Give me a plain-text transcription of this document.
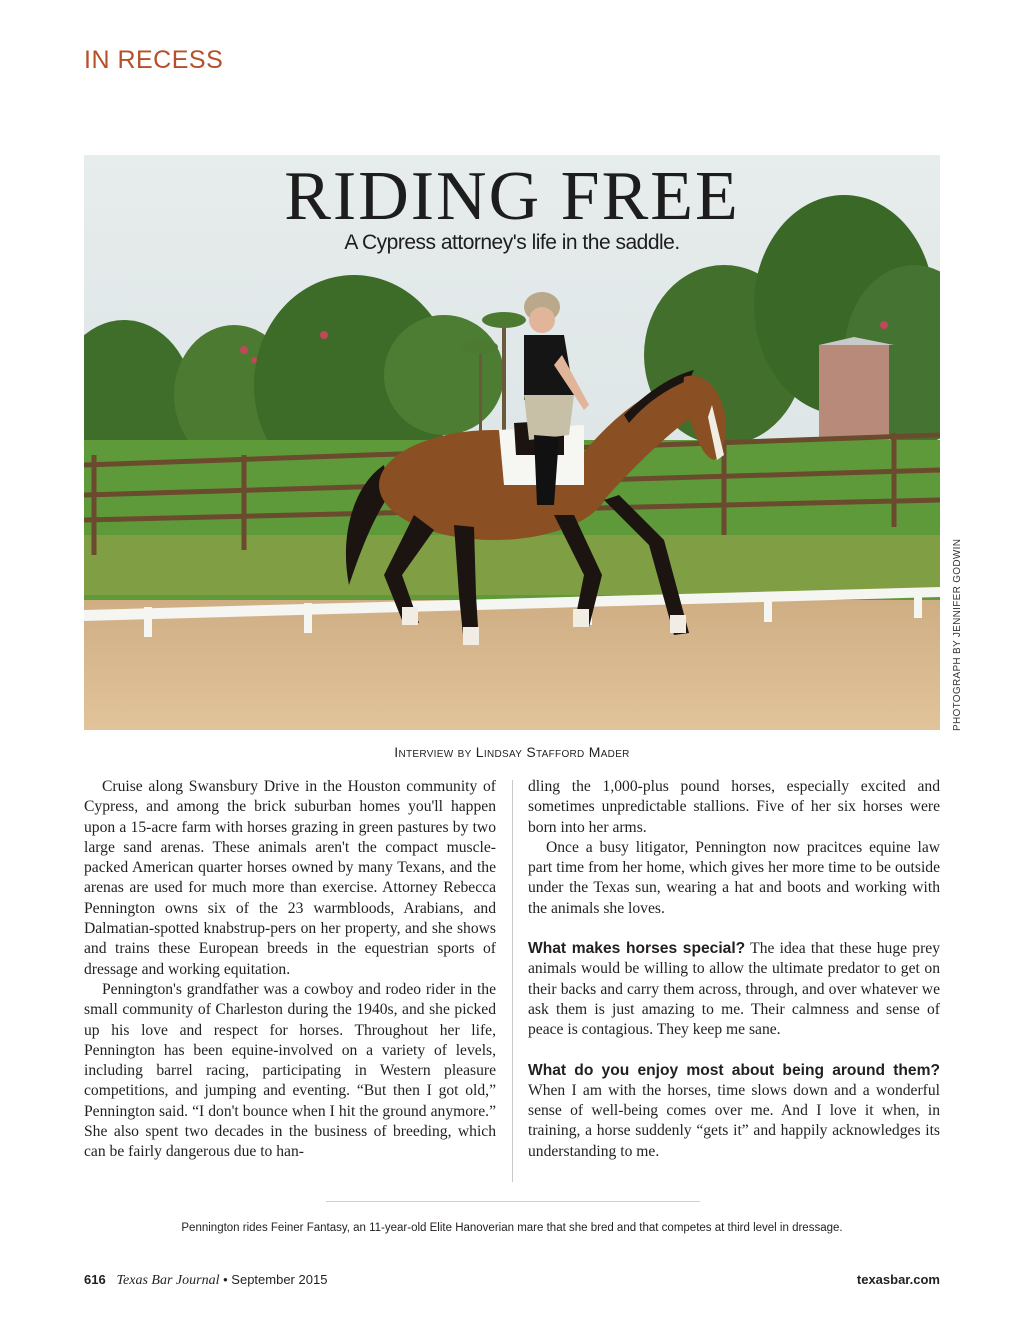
IN RECESS
RIDING FREE
A Cypress attorney's life in the saddle.
PHOTOGRAPH BY JENNIFER GODWIN
Interview by Lindsay Stafford Mader

Cruise along Swansbury Drive in the Houston community of Cypress, and among the brick suburban homes you'll happen upon a 15-acre farm with horses grazing in green pastures by two large sand arenas. These animals aren't the compact muscle-packed American quarter horses owned by many Texans, and the arenas are used for much more than exercise. Attorney Rebecca Pennington owns six of the 23 warmbloods, Arabians, and Dalmatian-spotted knabstrup-pers on her property, and she shows and trains these European breeds in the equestrian sports of dressage and working equitation.

Pennington's grandfather was a cowboy and rodeo rider in the small community of Charleston during the 1940s, and she picked up his love and respect for horses. Throughout her life, Pennington has been equine-involved on a variety of levels, including barrel racing, participating in Western pleasure competitions, and jumping and eventing. “But then I got old,” Pennington said. “I don't bounce when I hit the ground anymore.” She also spent two decades in the business of breeding, which can be fairly dangerous due to han-

dling the 1,000-plus pound horses, especially excited and sometimes unpredictable stallions. Five of her six horses were born into her arms.

Once a busy litigator, Pennington now pracitces equine law part time from her home, which gives her more time to be outside under the Texas sun, wearing a hat and boots and working with the animals she loves.

What makes horses special? The idea that these huge prey animals would be willing to allow the ultimate predator to get on their backs and carry them across, through, and over whatever we ask them is just amazing to me. Their calmness and sense of peace is contagious. They keep me sane.

What do you enjoy most about being around them? When I am with the horses, time slows down and a wonderful sense of well-being comes over me. And I love it when, in training, a horse suddenly “gets it” and happily acknowledges its understanding to me.

Pennington rides Feiner Fantasy, an 11-year-old Elite Hanoverian mare that she bred and that competes at third level in dressage.
616 Texas Bar Journal • September 2015	texasbar.com
